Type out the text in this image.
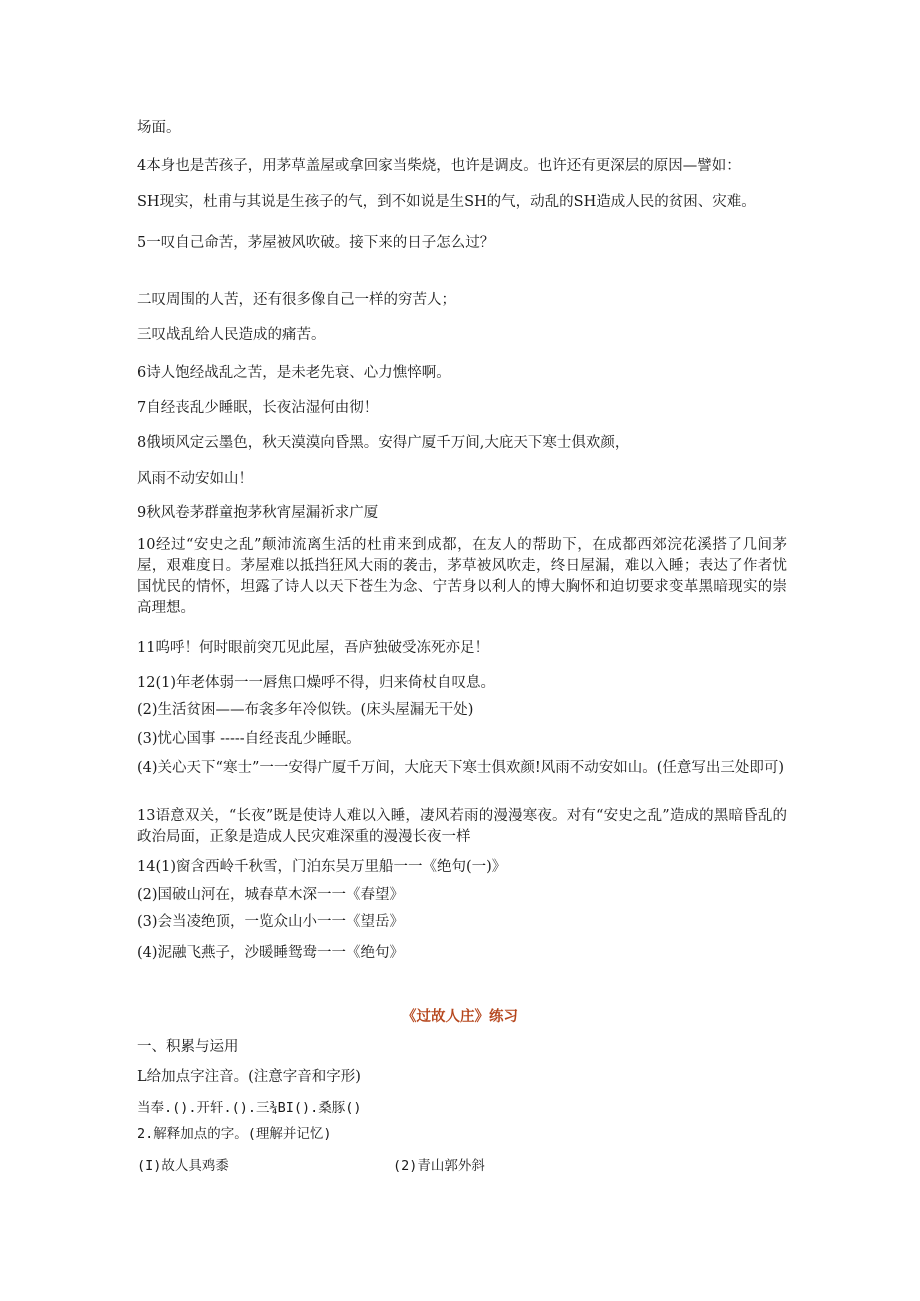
场面。
4本身也是苦孩子，用茅草盖屋或拿回家当柴烧，也许是调皮。也许还有更深层的原因—譬如：
SH现实，杜甫与其说是生孩子的气，到不如说是生SH的气，动乱的SH造成人民的贫困、灾难。
5一叹自己命苦，茅屋被风吹破。接下来的日子怎么过？
二叹周围的人苦，还有很多像自己一样的穷苦人；
三叹战乱给人民造成的痛苦。
6诗人饱经战乱之苦，是未老先衰、心力憔悴啊。
7自经丧乱少睡眠，长夜沾湿何由彻！
8俄顷风定云墨色，秋天漠漠向昏黑。安得广厦千万间,大庇天下寒士俱欢颜，
风雨不动安如山！
9秋风卷茅群童抱茅秋宵屋漏祈求广厦
10经过“安史之乱”颠沛流离生活的杜甫来到成都，在友人的帮助下，在成都西郊浣花溪搭了几间茅屋，艰难度日。茅屋难以抵挡狂风大雨的袭击，茅草被风吹走，终日屋漏，难以入睡；表达了作者忧国忧民的情怀，坦露了诗人以天下苍生为念、宁苦身以利人的博大胸怀和迫切要求变革黑暗现实的崇高理想。
11呜呼！何时眼前突兀见此屋，吾庐独破受冻死亦足！
12(1)年老体弱一一唇焦口燥呼不得，归来倚杖自叹息。
(2)生活贫困——布衾多年冷似铁。(床头屋漏无干处)
(3)忧心国事 -----自经丧乱少睡眠。
(4)关心天下“寒士”一一安得广厦千万间，大庇天下寒士俱欢颜!风雨不动安如山。(任意写出三处即可)
13语意双关，“长夜”既是使诗人难以入睡，凄风若雨的漫漫寒夜。对有“安史之乱”造成的黑暗昏乱的政治局面，正象是造成人民灾难深重的漫漫长夜一样
14(1)窗含西岭千秋雪，门泊东吴万里船一一《绝句(一)》
(2)国破山河在，城春草木深一一《春望》
(3)会当凌绝顶，一览众山小一一《望岳》
(4)泥融飞燕子，沙暖睡鸳鸯一一《绝句》
《过故人庄》练习
一、积累与运用
L给加点字注音。(注意字音和字形)
当奉.().开轩.().三¾BI().桑豚()
2.解释加点的字。(理解并记忆)
(I)故人具鸡黍	(2)青山郭外斜
